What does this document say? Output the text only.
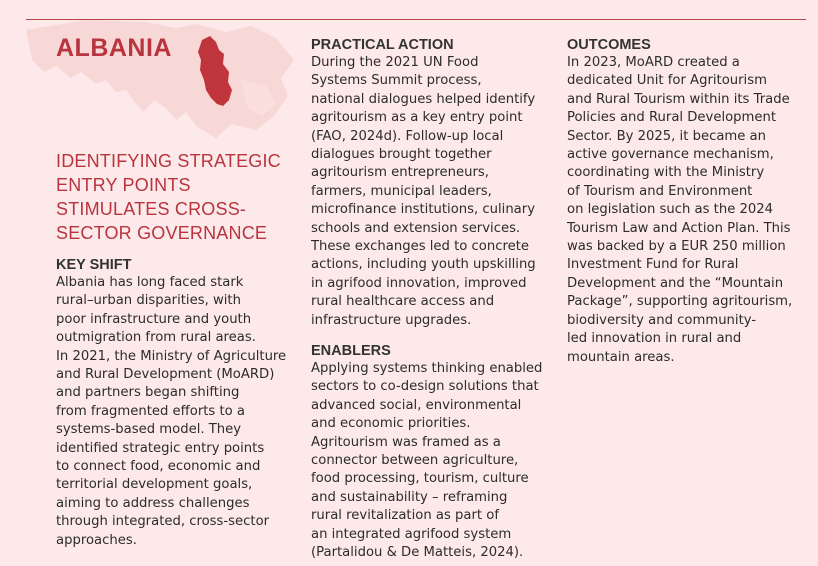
ALBANIA
IDENTIFYING STRATEGIC ENTRY POINTS STIMULATES CROSS-SECTOR GOVERNANCE
KEY SHIFT

Albania has long faced stark
rural–urban disparities, with
poor infrastructure and youth
outmigration from rural areas.
In 2021, the Ministry of Agriculture
and Rural Development (MoARD)
and partners began shifting
from fragmented efforts to a
systems-based model. They
identified strategic entry points
to connect food, economic and
territorial development goals,
aiming to address challenges
through integrated, cross-sector
approaches.

PRACTICAL ACTION

During the 2021 UN Food
Systems Summit process,
national dialogues helped identify
agritourism as a key entry point
(FAO, 2024d). Follow-up local
dialogues brought together
agritourism entrepreneurs,
farmers, municipal leaders,
microfinance institutions, culinary
schools and extension services.
These exchanges led to concrete
actions, including youth upskilling
in agrifood innovation, improved
rural healthcare access and
infrastructure upgrades.

ENABLERS

Applying systems thinking enabled
sectors to co-design solutions that
advanced social, environmental
and economic priorities.
Agritourism was framed as a
connector between agriculture,
food processing, tourism, culture
and sustainability – reframing
rural revitalization as part of
an integrated agrifood system
(Partalidou & De Matteis, 2024).

OUTCOMES

In 2023, MoARD created a
dedicated Unit for Agritourism
and Rural Tourism within its Trade
Policies and Rural Development
Sector. By 2025, it became an
active governance mechanism,
coordinating with the Ministry
of Tourism and Environment
on legislation such as the 2024
Tourism Law and Action Plan. This
was backed by a EUR 250 million
Investment Fund for Rural
Development and the “Mountain
Package”, supporting agritourism,
biodiversity and community-
led innovation in rural and
mountain areas.
